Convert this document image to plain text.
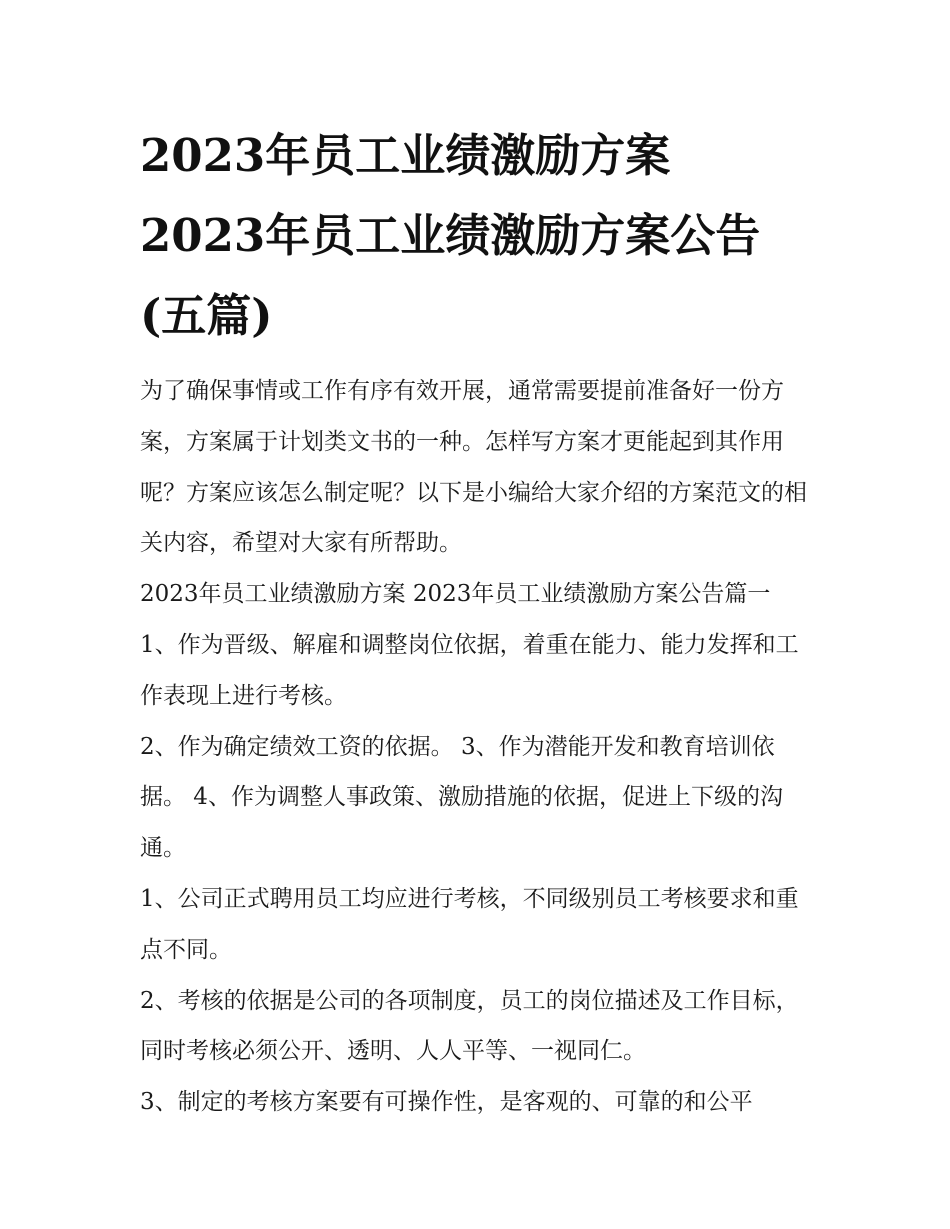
2023年员工业绩激励方案
2023年员工业绩激励方案公告
(五篇)

为了确保事情或工作有序有效开展，通常需要提前准备好一份方案，方案属于计划类文书的一种。怎样写方案才更能起到其作用呢？方案应该怎么制定呢？以下是小编给大家介绍的方案范文的相关内容，希望对大家有所帮助。

2023年员工业绩激励方案 2023年员工业绩激励方案公告篇一

1、作为晋级、解雇和调整岗位依据，着重在能力、能力发挥和工作表现上进行考核。

2、作为确定绩效工资的依据。 3、作为潜能开发和教育培训依据。 4、作为调整人事政策、激励措施的依据，促进上下级的沟通。

1、公司正式聘用员工均应进行考核，不同级别员工考核要求和重点不同。

2、考核的依据是公司的各项制度，员工的岗位描述及工作目标，同时考核必须公开、透明、人人平等、一视同仁。

3、制定的考核方案要有可操作性，是客观的、可靠的和公平
